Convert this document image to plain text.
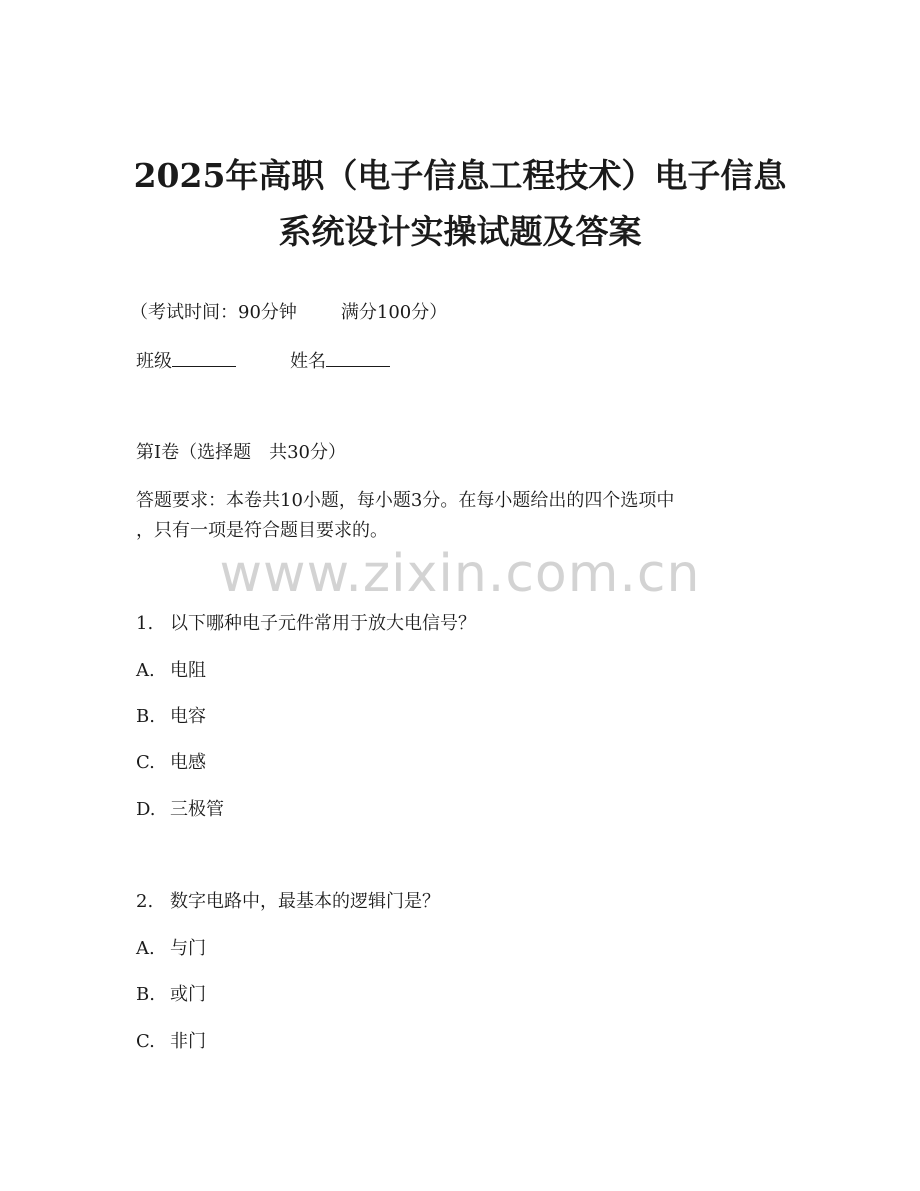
2025年高职（电子信息工程技术）电子信息
系统设计实操试题及答案

（考试时间：90分钟 满分100分）

班级	姓名

第Ⅰ卷（选择题　共30分）

答题要求：本卷共10小题，每小题3分。在每小题给出的四个选项中

，只有一项是符合题目要求的。

www.zixin.com.cn

1. 以下哪种电子元件常用于放大电信号？

A. 电阻

B. 电容

C. 电感

D. 三极管

2. 数字电路中，最基本的逻辑门是？

A. 与门

B. 或门

C. 非门
